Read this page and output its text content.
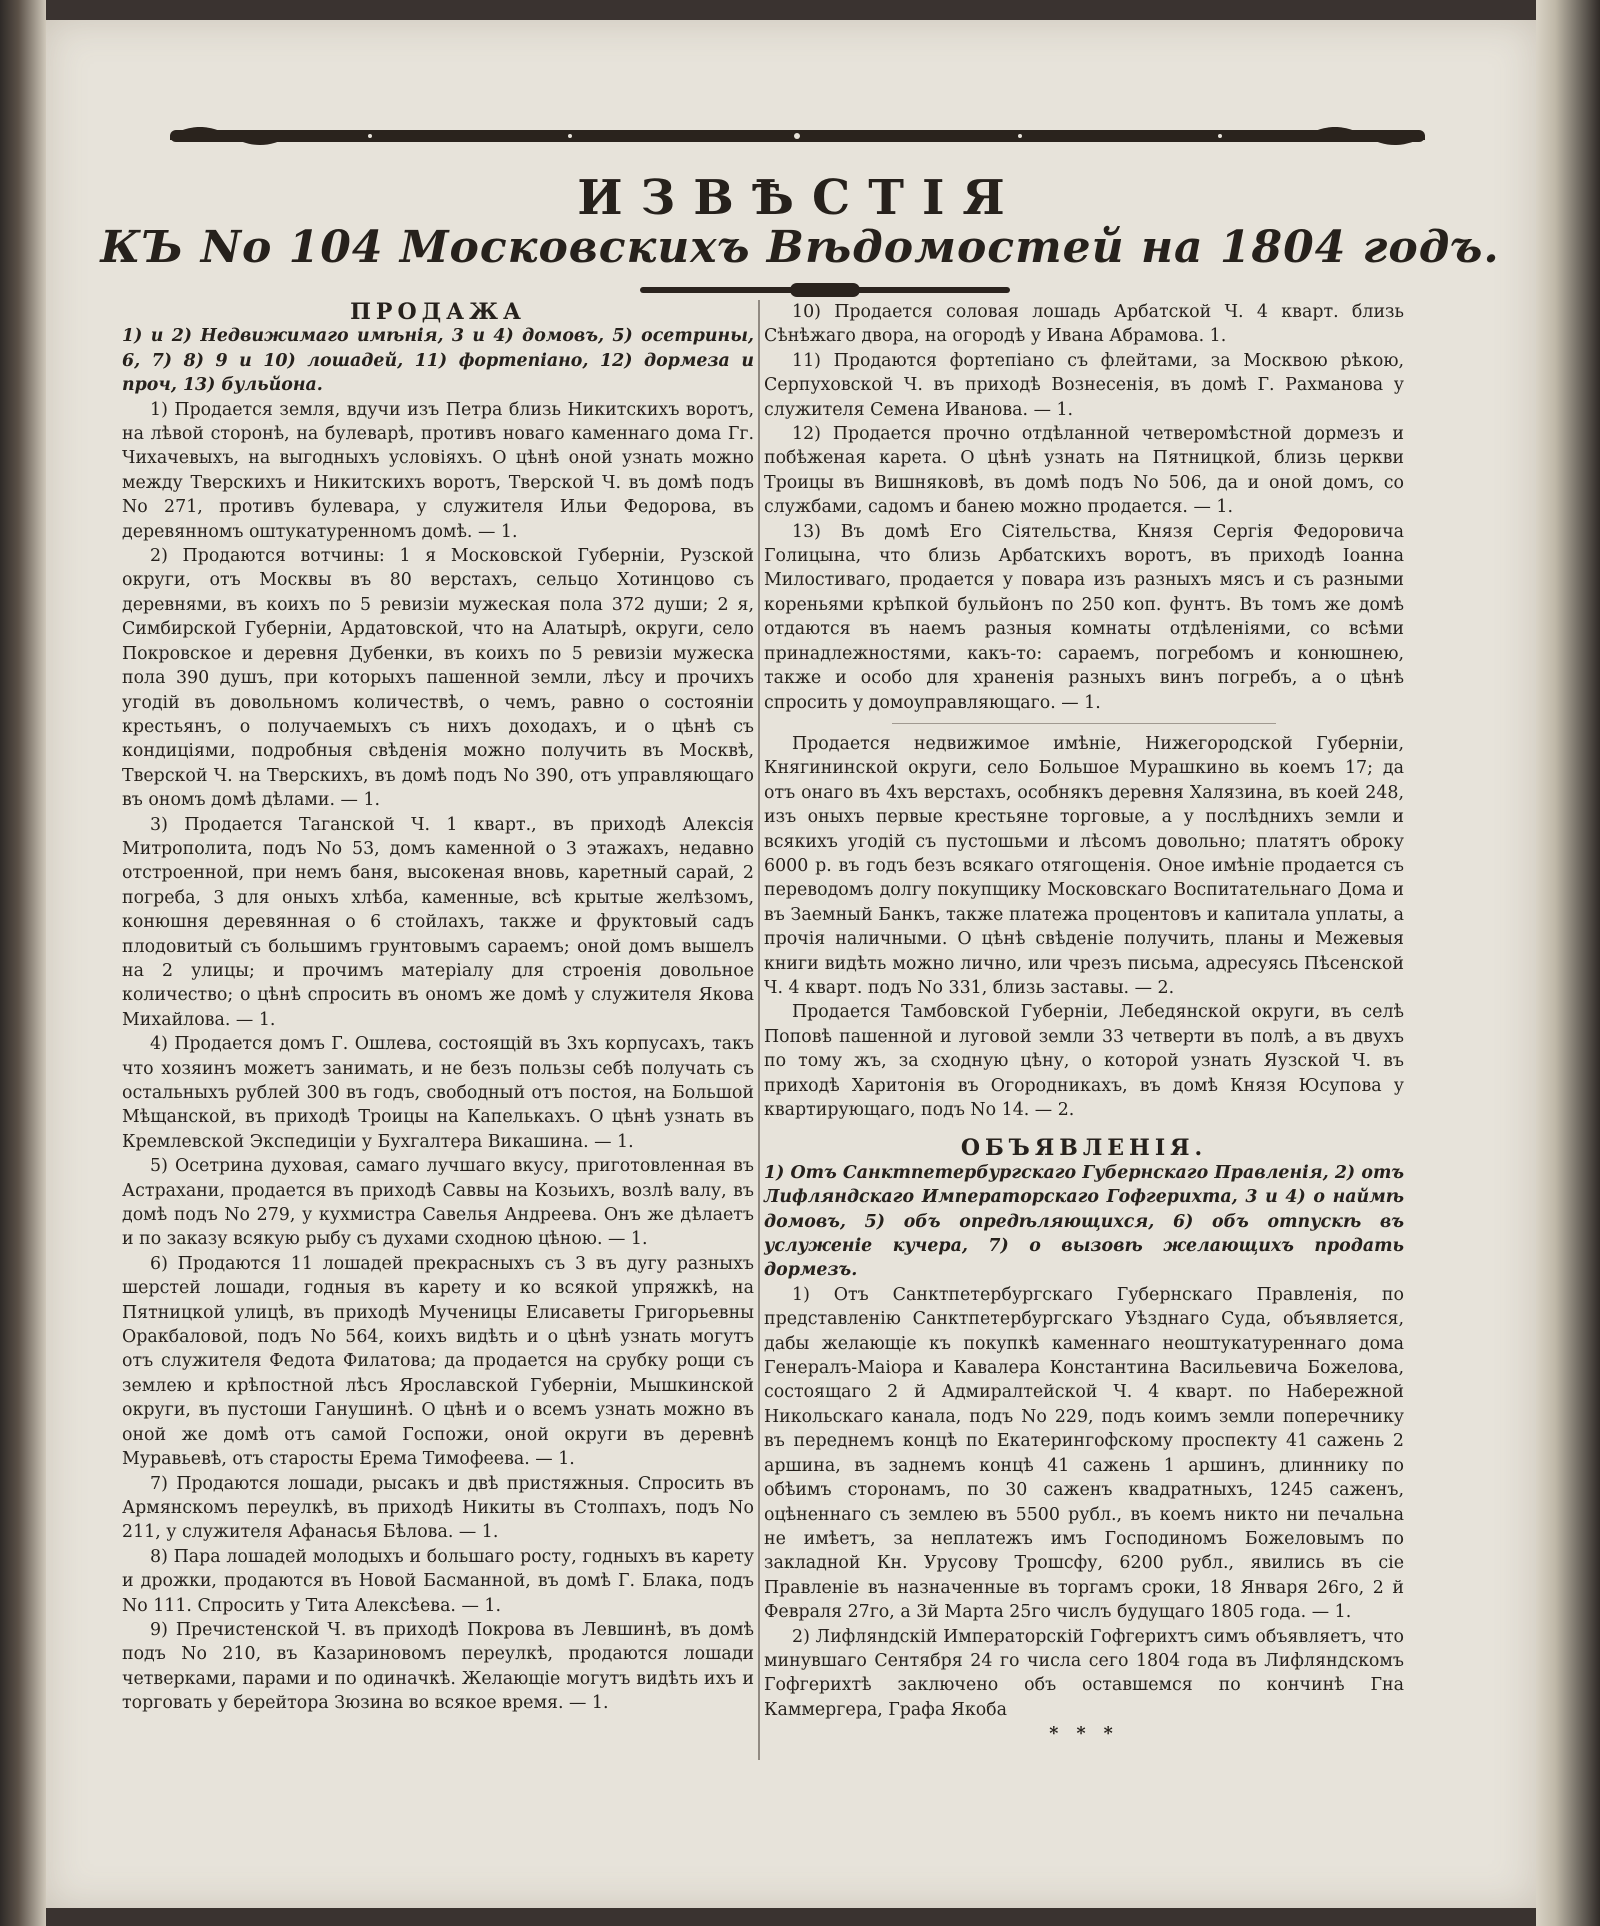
ИЗВѢСТІЯ
КЪ No 104 Московскихъ Вѣдомостей на 1804 годъ.

ПРОДАЖА

1) и 2) Недвижимаго имѣнія, 3 и 4) домовъ, 5) осетрины, 6, 7) 8) 9 и 10) лошадей, 11) фортепіано, 12) дормеза и проч, 13) бульйона.

1) Продается земля, вдучи изъ Петра близь Никитскихъ воротъ, на лѣвой сторонѣ, на булеварѣ, противъ новаго каменнаго дома Гг. Чихачевыхъ, на выгодныхъ условіяхъ. О цѣнѣ оной узнать можно между Тверскихъ и Никитскихъ воротъ, Тверской Ч. въ домѣ подъ No 271, противъ булевара, у служителя Ильи Федорова, въ деревянномъ оштукатуренномъ домѣ. — 1.

2) Продаются вотчины: 1 я Московской Губерніи, Рузской округи, отъ Москвы въ 80 верстахъ, сельцо Хотинцово съ деревнями, въ коихъ по 5 ревизіи мужеская пола 372 души; 2 я, Симбирской Губерніи, Ардатовской, что на Алатырѣ, округи, село Покровское и деревня Дубенки, въ коихъ по 5 ревизіи мужеска пола 390 душъ, при которыхъ пашенной земли, лѣсу и прочихъ угодій въ довольномъ количествѣ, о чемъ, равно о состояніи крестьянъ, о получаемыхъ съ нихъ доходахъ, и о цѣнѣ съ кондиціями, подробныя свѣденія можно получить въ Москвѣ, Тверской Ч. на Тверскихъ, въ домѣ подъ No 390, отъ управляющаго въ ономъ домѣ дѣлами. — 1.

3) Продается Таганской Ч. 1 кварт., въ приходѣ Алексія Митрополита, подъ No 53, домъ каменной о 3 этажахъ, недавно отстроенной, при немъ баня, высокеная вновь, каретный сарай, 2 погреба, 3 для оныхъ хлѣба, каменные, всѣ крытые желѣзомъ, конюшня деревянная о 6 стойлахъ, также и фруктовый садъ плодовитый съ большимъ грунтовымъ сараемъ; оной домъ вышелъ на 2 улицы; и прочимъ матеріалу для строенія довольное количество; о цѣнѣ спросить въ ономъ же домѣ у служителя Якова Михайлова. — 1.

4) Продается домъ Г. Ошлева, состоящій въ 3хъ корпусахъ, такъ что хозяинъ можетъ занимать, и не безъ пользы себѣ получать съ остальныхъ рублей 300 въ годъ, свободный отъ постоя, на Большой Мѣщанской, въ приходѣ Троицы на Капелькахъ. О цѣнѣ узнать въ Кремлевской Экспедиціи у Бухгалтера Викашина. — 1.

5) Осетрина духовая, самаго лучшаго вкусу, приготовленная въ Астрахани, продается въ приходѣ Саввы на Козьихъ, возлѣ валу, въ домѣ подъ No 279, у кухмистра Савелья Андреева. Онъ же дѣлаетъ и по заказу всякую рыбу съ духами сходною цѣною. — 1.

6) Продаются 11 лошадей прекрасныхъ съ 3 въ дугу разныхъ шерстей лошади, годныя въ карету и ко всякой упряжкѣ, на Пятницкой улицѣ, въ приходѣ Мученицы Елисаветы Григорьевны Оракбаловой, подъ No 564, коихъ видѣть и о цѣнѣ узнать могутъ отъ служителя Федота Филатова; да продается на срубку рощи съ землею и крѣпостной лѣсъ Ярославской Губерніи, Мышкинской округи, въ пустоши Ганушинѣ. О цѣнѣ и о всемъ узнать можно въ оной же домѣ отъ самой Госпожи, оной округи въ деревнѣ Муравьевѣ, отъ старосты Ерема Тимофеева. — 1.

7) Продаются лошади, рысакъ и двѣ пристяжныя. Спросить въ Армянскомъ переулкѣ, въ приходѣ Никиты въ Столпахъ, подъ No 211, у служителя Афанасья Бѣлова. — 1.

8) Пара лошадей молодыхъ и большаго росту, годныхъ въ карету и дрожки, продаются въ Новой Басманной, въ домѣ Г. Блака, подъ No 111. Спросить у Тита Алексѣева. — 1.

9) Пречистенской Ч. въ приходѣ Покрова въ Левшинѣ, въ домѣ подъ No 210, въ Казариновомъ переулкѣ, продаются лошади четверками, парами и по одиначкѣ. Желающіе могутъ видѣть ихъ и торговать у берейтора Зюзина во всякое время. — 1.

10) Продается соловая лошадь Арбатской Ч. 4 кварт. близь Сѣнѣжаго двора, на огородѣ у Ивана Абрамова. 1.

11) Продаются фортепіано съ флейтами, за Москвою рѣкою, Серпуховской Ч. въ приходѣ Вознесенія, въ домѣ Г. Рахманова у служителя Семена Иванова. — 1.

12) Продается прочно отдѣланной четверомѣстной дормезъ и побѣженая карета. О цѣнѣ узнать на Пятницкой, близь церкви Троицы въ Вишняковѣ, въ домѣ подъ No 506, да и оной домъ, со службами, садомъ и банею можно продается. — 1.

13) Въ домѣ Его Сіятельства, Князя Сергія Федоровича Голицына, что близь Арбатскихъ воротъ, въ приходѣ Іоанна Милостиваго, продается у повара изъ разныхъ мясъ и съ разными кореньями крѣпкой бульйонъ по 250 коп. фунтъ. Въ томъ же домѣ отдаются въ наемъ разныя комнаты отдѣленіями, со всѣми принадлежностями, какъ-то: сараемъ, погребомъ и конюшнею, также и особо для храненія разныхъ винъ погребъ, а о цѣнѣ спросить у домоуправляющаго. — 1.

Продается недвижимое имѣніе, Нижегородской Губерніи, Княгининской округи, село Большое Мурашкино вь коемъ 17; да отъ онаго въ 4хъ верстахъ, особнякъ деревня Халязина, въ коей 248, изъ оныхъ первые крестьяне торговые, а у послѣднихъ земли и всякихъ угодій съ пустошьми и лѣсомъ довольно; платятъ оброку 6000 р. въ годъ безъ всякаго отягощенія. Оное имѣніе продается съ переводомъ долгу покупщику Московскаго Воспитательнаго Дома и въ Заемный Банкъ, также платежа процентовъ и капитала уплаты, а прочія наличными. О цѣнѣ свѣденіе получить, планы и Межевыя книги видѣть можно лично, или чрезъ письма, адресуясь Пѣсенской Ч. 4 кварт. подъ No 331, близь заставы. — 2.

Продается Тамбовской Губерніи, Лебедянской округи, въ селѣ Поповѣ пашенной и луговой земли 33 четверти въ полѣ, а въ двухъ по тому жъ, за сходную цѣну, о которой узнать Яузской Ч. въ приходѣ Харитонія въ Огородникахъ, въ домѣ Князя Юсупова у квартирующаго, подъ No 14. — 2.

ОБЪЯВЛЕНІЯ.

1) Отъ Санктпетербургскаго Губернскаго Правленія, 2) отъ Лифляндскаго Императорскаго Гофгерихта, 3 и 4) о наймѣ домовъ, 5) объ опредѣляющихся, 6) объ отпускѣ въ услуженіе кучера, 7) о вызовѣ желающихъ продать дормезъ.

1) Отъ Санктпетербургскаго Губернскаго Правленія, по представленію Санктпетербургскаго Уѣзднаго Суда, объявляется, дабы желающіе къ покупкѣ каменнаго неоштукатуреннаго дома Генералъ-Маіора и Кавалера Константина Васильевича Божелова, состоящаго 2 й Адмиралтейской Ч. 4 кварт. по Набережной Никольскаго канала, подъ No 229, подъ коимъ земли поперечнику въ переднемъ концѣ по Екатерингофскому проспекту 41 сажень 2 аршина, въ заднемъ концѣ 41 сажень 1 аршинъ, длиннику по обѣимъ сторонамъ, по 30 саженъ квадратныхъ, 1245 саженъ, оцѣненнаго съ землею въ 5500 рубл., въ коемъ никто ни печальна не имѣетъ, за неплатежъ имъ Господиномъ Божеловымъ по закладной Кн. Урусову Трошсфу, 6200 рубл., явились въ сіе Правленіе въ назначенные въ торгамъ сроки, 18 Января 26го, 2 й Февраля 27го, а 3й Марта 25го числъ будущаго 1805 года. — 1.

2) Лифляндскій Императорскій Гофгерихтъ симъ объявляетъ, что минувшаго Сентября 24 го числа сего 1804 года въ Лифляндскомъ Гофгерихтѣ заключено объ оставшемся по кончинѣ Гна Каммергера, Графа Якоба

* * *
